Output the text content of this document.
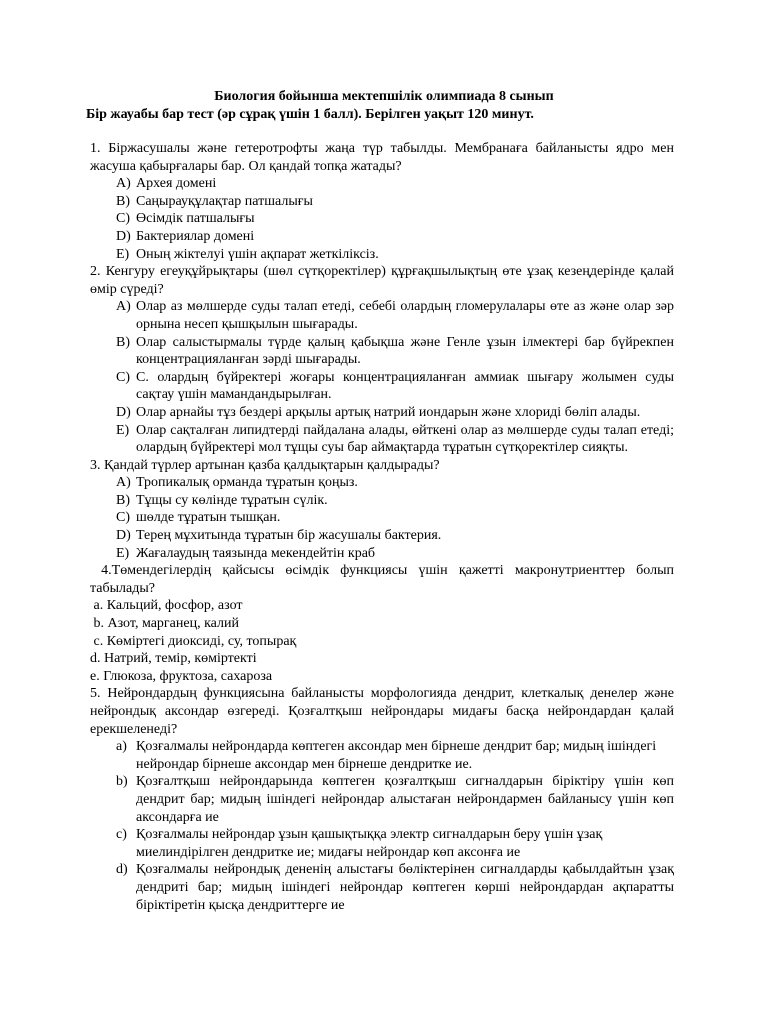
Биология бойынша мектепшілік олимпиада 8 сынып
Бір жауабы бар тест (әр сұрақ үшін 1 балл). Берілген уақыт 120 минут.
1. Біржасушалы және гетеротрофты жаңа түр табылды. Мембранаға байланысты ядро мен жасуша қабырғалары бар. Ол қандай топқа жатады?
A) Архея домені
B) Саңырауқұлақтар патшалығы
C) Өсімдік патшалығы
D) Бактериялар домені
E) Оның жіктелуі үшін ақпарат жеткіліксіз.
2. Кенгуру егеуқұйрықтары (шөл сүтқоректілер) құрғақшылықтың өте ұзақ кезеңдерінде қалай өмір сүреді?
A) Олар аз мөлшерде суды талап етеді, себебі олардың гломерулалары өте аз және олар зәр орнына несеп қышқылын шығарады.
B) Олар салыстырмалы түрде қалың қабықша және Генле ұзын ілмектері бар бүйрекпен концентрацияланған зәрді шығарады.
C) С. олардың бүйректері жоғары концентрацияланған аммиак шығару жолымен суды сақтау үшін мамандандырылған.
D) Олар арнайы тұз бездері арқылы артық натрий иондарын және хлориді бөліп алады.
E) Олар сақталған липидтерді пайдалана алады, өйткені олар аз мөлшерде суды талап етеді; олардың бүйректері мол тұщы суы бар аймақтарда тұратын сүтқоректілер сияқты.
3. Қандай түрлер артынан қазба қалдықтарын қалдырады?
A) Тропикалық орманда тұратын қоңыз.
B) Тұщы су көлінде тұратын сүлік.
C) шөлде тұратын тышқан.
D) Терең мұхитында тұратын бір жасушалы бактерия.
E) Жағалаудың таязында мекендейтін краб
4.Төмендегілердің қайсысы өсімдік функциясы үшін қажетті макронутриенттер болып табылады?
a. Кальций, фосфор, азот
b. Азот, марганец, калий
c. Көміртегі диоксиді, су, топырақ
d. Натрий, темір, көміртекті
e. Глюкоза, фруктоза, сахароза
5. Нейрондардың функциясына байланысты морфологияда дендрит, клеткалық денелер және нейрондық аксондар өзгереді. Қозғалтқыш нейрондары мидағы басқа нейрондардан қалай ерекшеленеді?
a) Қозғалмалы нейрондарда көптеген аксондар мен бірнеше дендрит бар; мидың ішіндегі нейрондар бірнеше аксондар мен бірнеше дендритке ие.
b) Қозғалтқыш нейрондарында көптеген қозғалтқыш сигналдарын біріктіру үшін көп дендрит бар; мидың ішіндегі нейрондар алыстаған нейрондармен байланысу үшін көп аксондарға ие
c) Қозғалмалы нейрондар ұзын қашықтыққа электр сигналдарын беру үшін ұзақ миелиндірілген дендритке ие; мидағы нейрондар көп аксонға ие
d) Қозғалмалы нейрондық дененің алыстағы бөліктерінен сигналдарды қабылдайтын ұзақ дендриті бар; мидың ішіндегі нейрондар көптеген көрші нейрондардан ақпаратты біріктіретін қысқа дендриттерге ие
